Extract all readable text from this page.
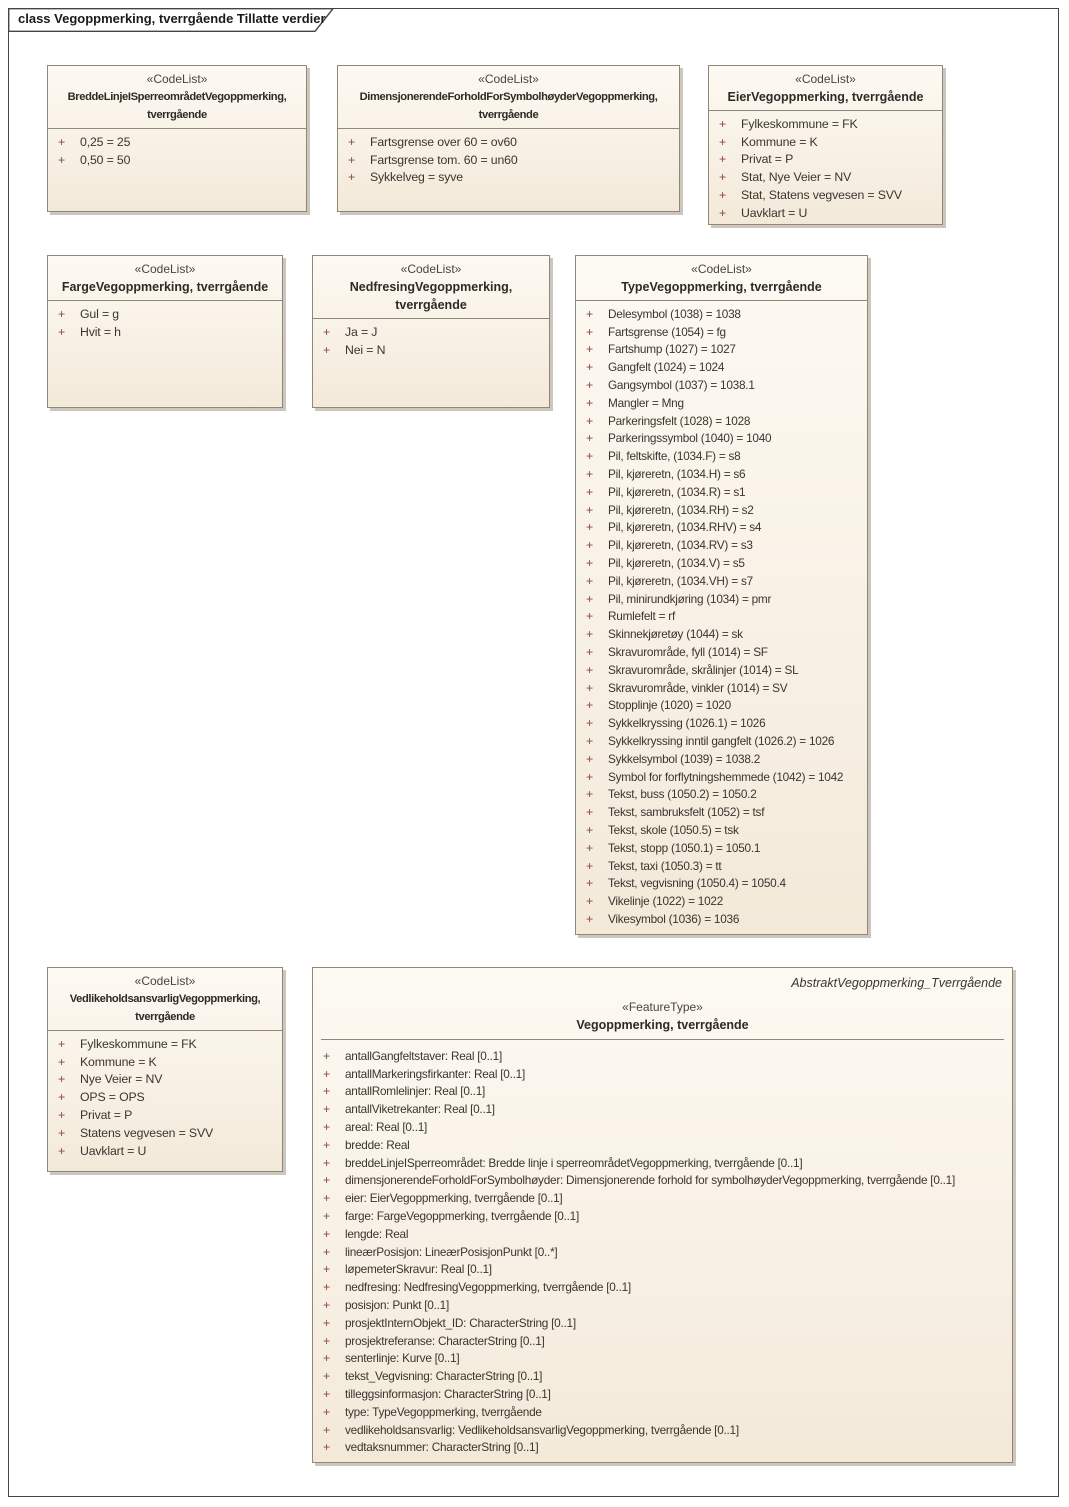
class Vegoppmerking, tverrgående Tillatte verdier
«CodeList»
BreddeLinjeISperreområdetVegoppmerking, tverrgående
+	0,25 = 25
+	0,50 = 50
«CodeList»
DimensjonerendeForholdForSymbolhøyderVegoppmerking, tverrgående
+	Fartsgrense over 60 = ov60
+	Fartsgrense tom. 60 = un60
+	Sykkelveg = syve
«CodeList»
EierVegoppmerking, tverrgående
+	Fylkeskommune = FK
+	Kommune = K
+	Privat = P
+	Stat, Nye Veier = NV
+	Stat, Statens vegvesen = SVV
+	Uavklart = U
«CodeList»
FargeVegoppmerking, tverrgående
+	Gul = g
+	Hvit = h
«CodeList»
NedfresingVegoppmerking, tverrgående
+	Ja = J
+	Nei = N
«CodeList»
TypeVegoppmerking, tverrgående
+	Delesymbol (1038) = 1038
+	Fartsgrense (1054) = fg
+	Fartshump (1027) = 1027
+	Gangfelt (1024) = 1024
+	Gangsymbol (1037) = 1038.1
+	Mangler = Mng
+	Parkeringsfelt (1028) = 1028
+	Parkeringssymbol (1040) = 1040
+	Pil, feltskifte, (1034.F) = s8
+	Pil, kjøreretn, (1034.H) = s6
+	Pil, kjøreretn, (1034.R) = s1
+	Pil, kjøreretn, (1034.RH) = s2
+	Pil, kjøreretn, (1034.RHV) = s4
+	Pil, kjøreretn, (1034.RV) = s3
+	Pil, kjøreretn, (1034.V) = s5
+	Pil, kjøreretn, (1034.VH) = s7
+	Pil, minirundkjøring (1034) = pmr
+	Rumlefelt = rf
+	Skinnekjøretøy (1044) = sk
+	Skravurområde, fyll (1014) = SF
+	Skravurområde, skrålinjer (1014) = SL
+	Skravurområde, vinkler (1014) = SV
+	Stopplinje (1020) = 1020
+	Sykkelkryssing (1026.1) = 1026
+	Sykkelkryssing inntil gangfelt (1026.2) = 1026
+	Sykkelsymbol (1039) = 1038.2
+	Symbol for forflytningshemmede (1042) = 1042
+	Tekst, buss (1050.2) = 1050.2
+	Tekst, sambruksfelt (1052) = tsf
+	Tekst, skole (1050.5) = tsk
+	Tekst, stopp (1050.1) = 1050.1
+	Tekst, taxi (1050.3) = tt
+	Tekst, vegvisning (1050.4) = 1050.4
+	Vikelinje (1022) = 1022
+	Vikesymbol (1036) = 1036
«CodeList»
VedlikeholdsansvarligVegoppmerking, tverrgående
+	Fylkeskommune = FK
+	Kommune = K
+	Nye Veier = NV
+	OPS = OPS
+	Privat = P
+	Statens vegvesen = SVV
+	Uavklart = U
AbstraktVegoppmerking_Tverrgående
«FeatureType»
Vegoppmerking, tverrgående
+	antallGangfeltstaver: Real [0..1]
+	antallMarkeringsfirkanter: Real [0..1]
+	antallRomlelinjer: Real [0..1]
+	antallViketrekanter: Real [0..1]
+	areal: Real [0..1]
+	bredde: Real
+	breddeLinjeISperreområdet: Bredde linje i sperreområdetVegoppmerking, tverrgående [0..1]
+	dimensjonerendeForholdForSymbolhøyder: Dimensjonerende forhold for symbolhøyderVegoppmerking, tverrgående [0..1]
+	eier: EierVegoppmerking, tverrgående [0..1]
+	farge: FargeVegoppmerking, tverrgående [0..1]
+	lengde: Real
+	lineærPosisjon: LineærPosisjonPunkt [0..*]
+	løpemeterSkravur: Real [0..1]
+	nedfresing: NedfresingVegoppmerking, tverrgående [0..1]
+	posisjon: Punkt [0..1]
+	prosjektInternObjekt_ID: CharacterString [0..1]
+	prosjektreferanse: CharacterString [0..1]
+	senterlinje: Kurve [0..1]
+	tekst_Vegvisning: CharacterString [0..1]
+	tilleggsinformasjon: CharacterString [0..1]
+	type: TypeVegoppmerking, tverrgående
+	vedlikeholdsansvarlig: VedlikeholdsansvarligVegoppmerking, tverrgående [0..1]
+	vedtaksnummer: CharacterString [0..1]
